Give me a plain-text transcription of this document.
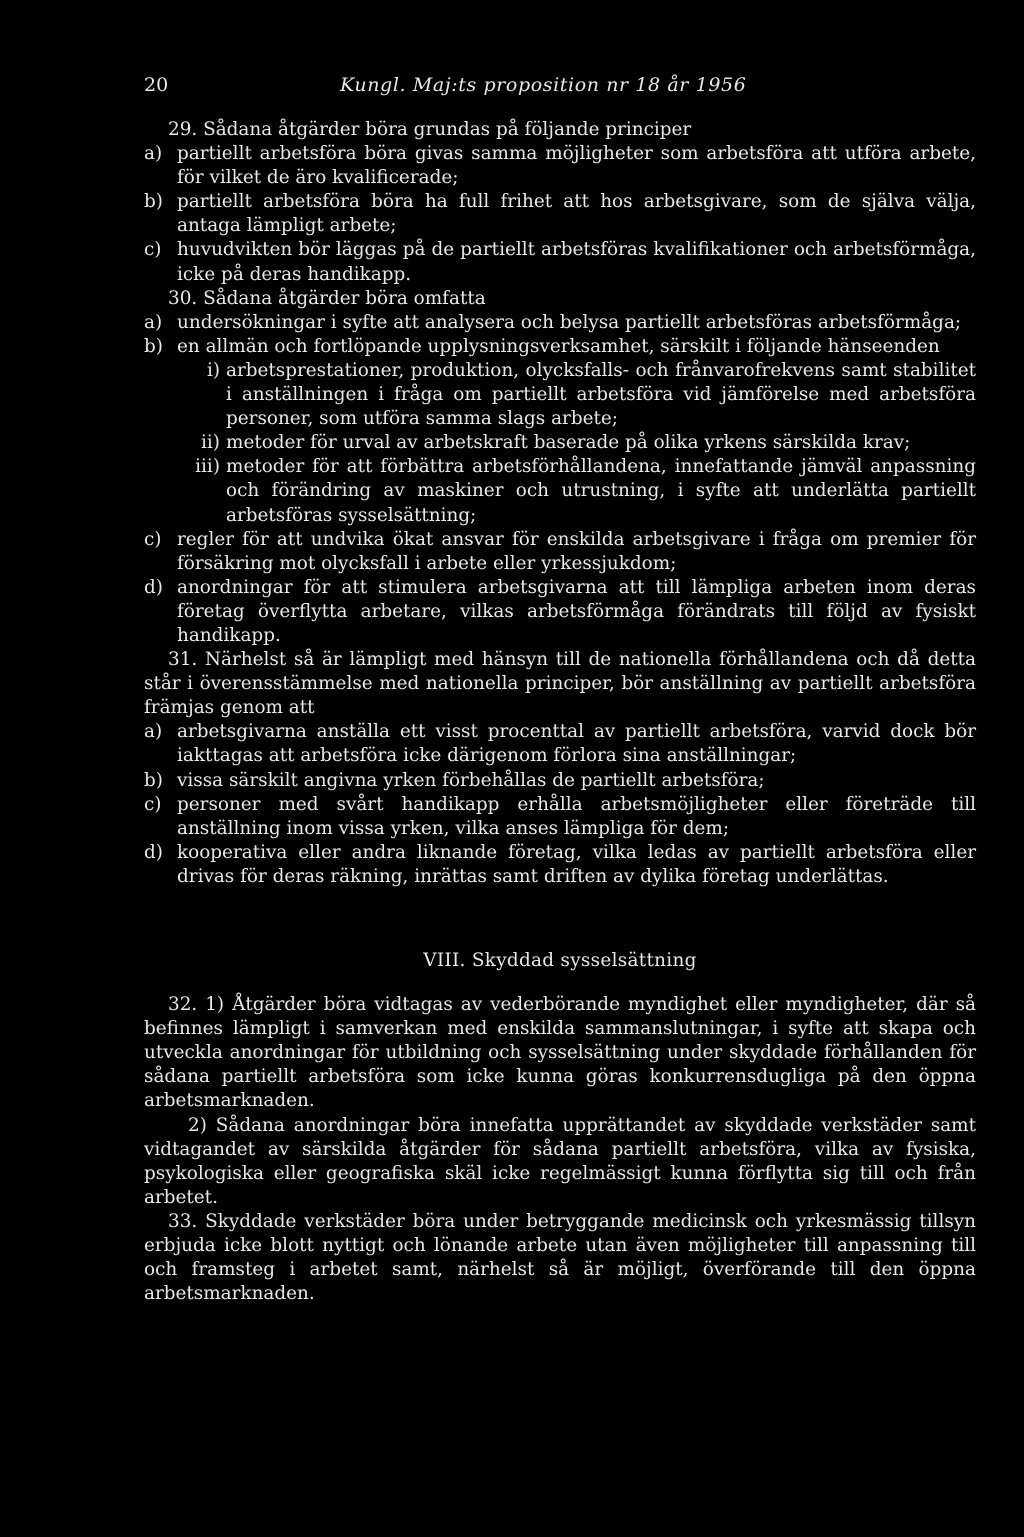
20	Kungl. Maj:ts proposition nr 18 år 1956

29. Sådana åtgärder böra grundas på följande principer

a) partiellt arbetsföra böra givas samma möjligheter som arbetsföra att utföra arbete, för vilket de äro kvalificerade;
b) partiellt arbetsföra böra ha full frihet att hos arbetsgivare, som de själva välja, antaga lämpligt arbete;
c) huvudvikten bör läggas på de partiellt arbetsföras kvalifikationer och arbetsförmåga, icke på deras handikapp.

30. Sådana åtgärder böra omfatta

a) undersökningar i syfte att analysera och belysa partiellt arbetsföras arbetsförmåga;
b) en allmän och fortlöpande upplysningsverksamhet, särskilt i följande hänseenden
i) arbetsprestationer, produktion, olycksfalls- och frånvarofrekvens samt stabilitet i anställningen i fråga om partiellt arbetsföra vid jämförelse med arbetsföra personer, som utföra samma slags arbete;
ii) metoder för urval av arbetskraft baserade på olika yrkens särskilda krav;
iii) metoder för att förbättra arbetsförhållandena, innefattande jämväl anpassning och förändring av maskiner och utrustning, i syfte att underlätta partiellt arbetsföras sysselsättning;
c) regler för att undvika ökat ansvar för enskilda arbetsgivare i fråga om premier för försäkring mot olycksfall i arbete eller yrkessjukdom;
d) anordningar för att stimulera arbetsgivarna att till lämpliga arbeten inom deras företag överflytta arbetare, vilkas arbetsförmåga förändrats till följd av fysiskt handikapp.

31. Närhelst så är lämpligt med hänsyn till de nationella förhållandena och då detta står i överensstämmelse med nationella principer, bör anställning av partiellt arbetsföra främjas genom att

a) arbetsgivarna anställa ett visst procenttal av partiellt arbetsföra, varvid dock bör iakttagas att arbetsföra icke därigenom förlora sina anställningar;
b) vissa särskilt angivna yrken förbehållas de partiellt arbetsföra;
c) personer med svårt handikapp erhålla arbetsmöjligheter eller företräde till anställning inom vissa yrken, vilka anses lämpliga för dem;
d) kooperativa eller andra liknande företag, vilka ledas av partiellt arbetsföra eller drivas för deras räkning, inrättas samt driften av dylika företag underlättas.
VIII. Skyddad sysselsättning

32. 1) Åtgärder böra vidtagas av vederbörande myndighet eller myndigheter, där så befinnes lämpligt i samverkan med enskilda sammanslutningar, i syfte att skapa och utveckla anordningar för utbildning och sysselsättning under skyddade förhållanden för sådana partiellt arbetsföra som icke kunna göras konkurrensdugliga på den öppna arbetsmarknaden.

2) Sådana anordningar böra innefatta upprättandet av skyddade verkstäder samt vidtagandet av särskilda åtgärder för sådana partiellt arbetsföra, vilka av fysiska, psykologiska eller geografiska skäl icke regelmässigt kunna förflytta sig till och från arbetet.

33. Skyddade verkstäder böra under betryggande medicinsk och yrkesmässig tillsyn erbjuda icke blott nyttigt och lönande arbete utan även möjligheter till anpassning till och framsteg i arbetet samt, närhelst så är möjligt, överförande till den öppna arbetsmarknaden.
